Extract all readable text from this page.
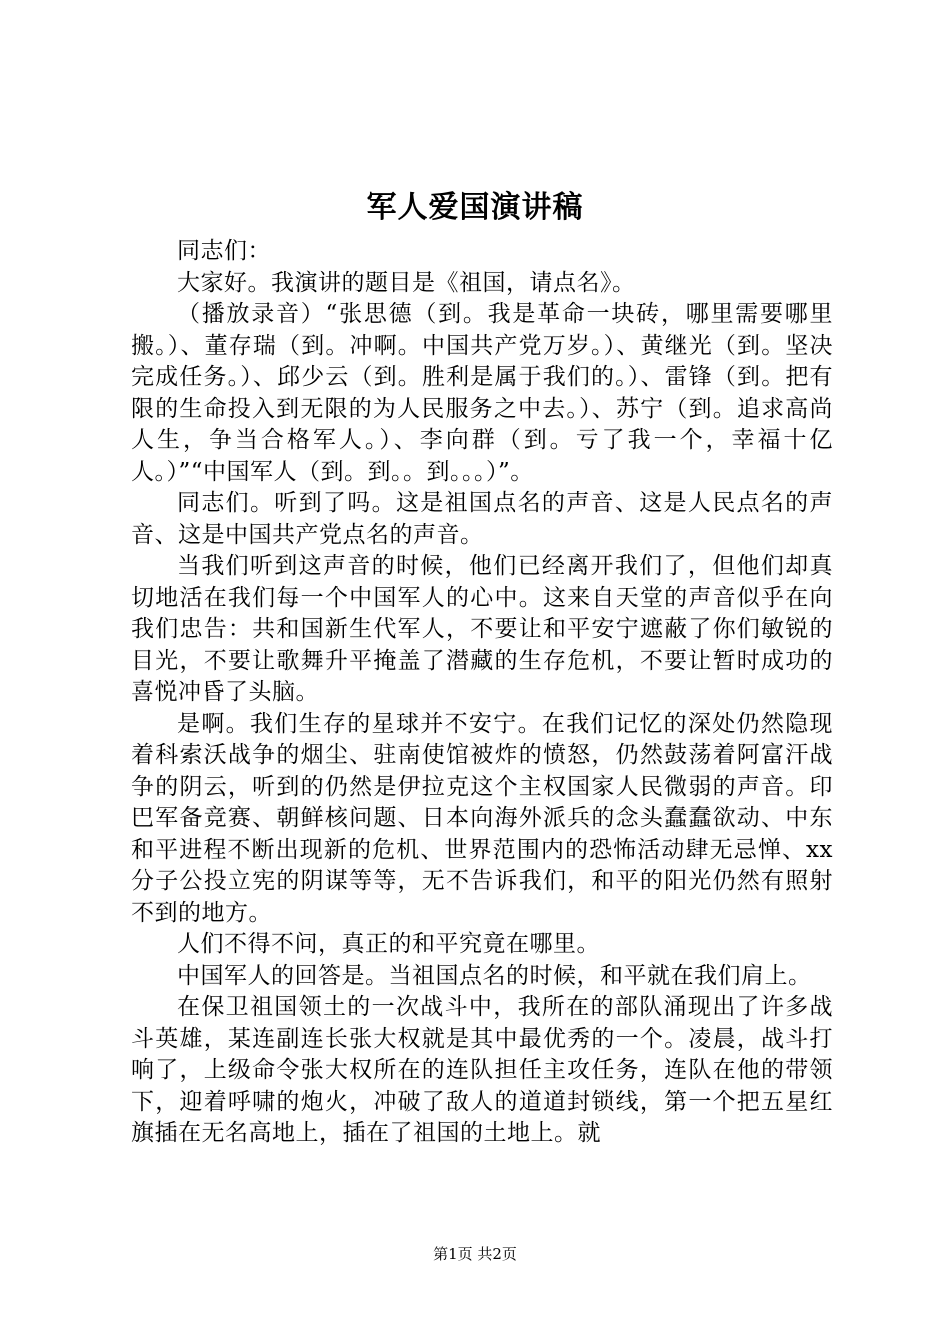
军人爱国演讲稿

同志们：

大家好。我演讲的题目是《祖国，请点名》。

（播放录音）“张思德（到。我是革命一块砖，哪里需要哪里搬。）、董存瑞（到。冲啊。中国共产党万岁。）、黄继光（到。坚决完成任务。）、邱少云（到。胜利是属于我们的。）、雷锋（到。把有限的生命投入到无限的为人民服务之中去。）、苏宁（到。追求高尚人生，争当合格军人。）、李向群（到。亏了我一个，幸福十亿人。）”“中国军人（到。到。。到。。。）”。

同志们。听到了吗。这是祖国点名的声音、这是人民点名的声音、这是中国共产党点名的声音。

当我们听到这声音的时候，他们已经离开我们了，但他们却真切地活在我们每一个中国军人的心中。这来自天堂的声音似乎在向我们忠告：共和国新生代军人，不要让和平安宁遮蔽了你们敏锐的目光，不要让歌舞升平掩盖了潜藏的生存危机，不要让暂时成功的喜悦冲昏了头脑。

是啊。我们生存的星球并不安宁。在我们记忆的深处仍然隐现着科索沃战争的烟尘、驻南使馆被炸的愤怒，仍然鼓荡着阿富汗战争的阴云，听到的仍然是伊拉克这个主权国家人民微弱的声音。印巴军备竞赛、朝鲜核问题、日本向海外派兵的念头蠢蠢欲动、中东和平进程不断出现新的危机、世界范围内的恐怖活动肆无忌惮、xx分子公投立宪的阴谋等等，无不告诉我们，和平的阳光仍然有照射不到的地方。

人们不得不问，真正的和平究竟在哪里。

中国军人的回答是。当祖国点名的时候，和平就在我们肩上。

在保卫祖国领土的一次战斗中，我所在的部队涌现出了许多战斗英雄，某连副连长张大权就是其中最优秀的一个。凌晨，战斗打响了，上级命令张大权所在的连队担任主攻任务，连队在他的带领下，迎着呼啸的炮火，冲破了敌人的道道封锁线，第一个把五星红旗插在无名高地上，插在了祖国的土地上。就

第1页 共2页
